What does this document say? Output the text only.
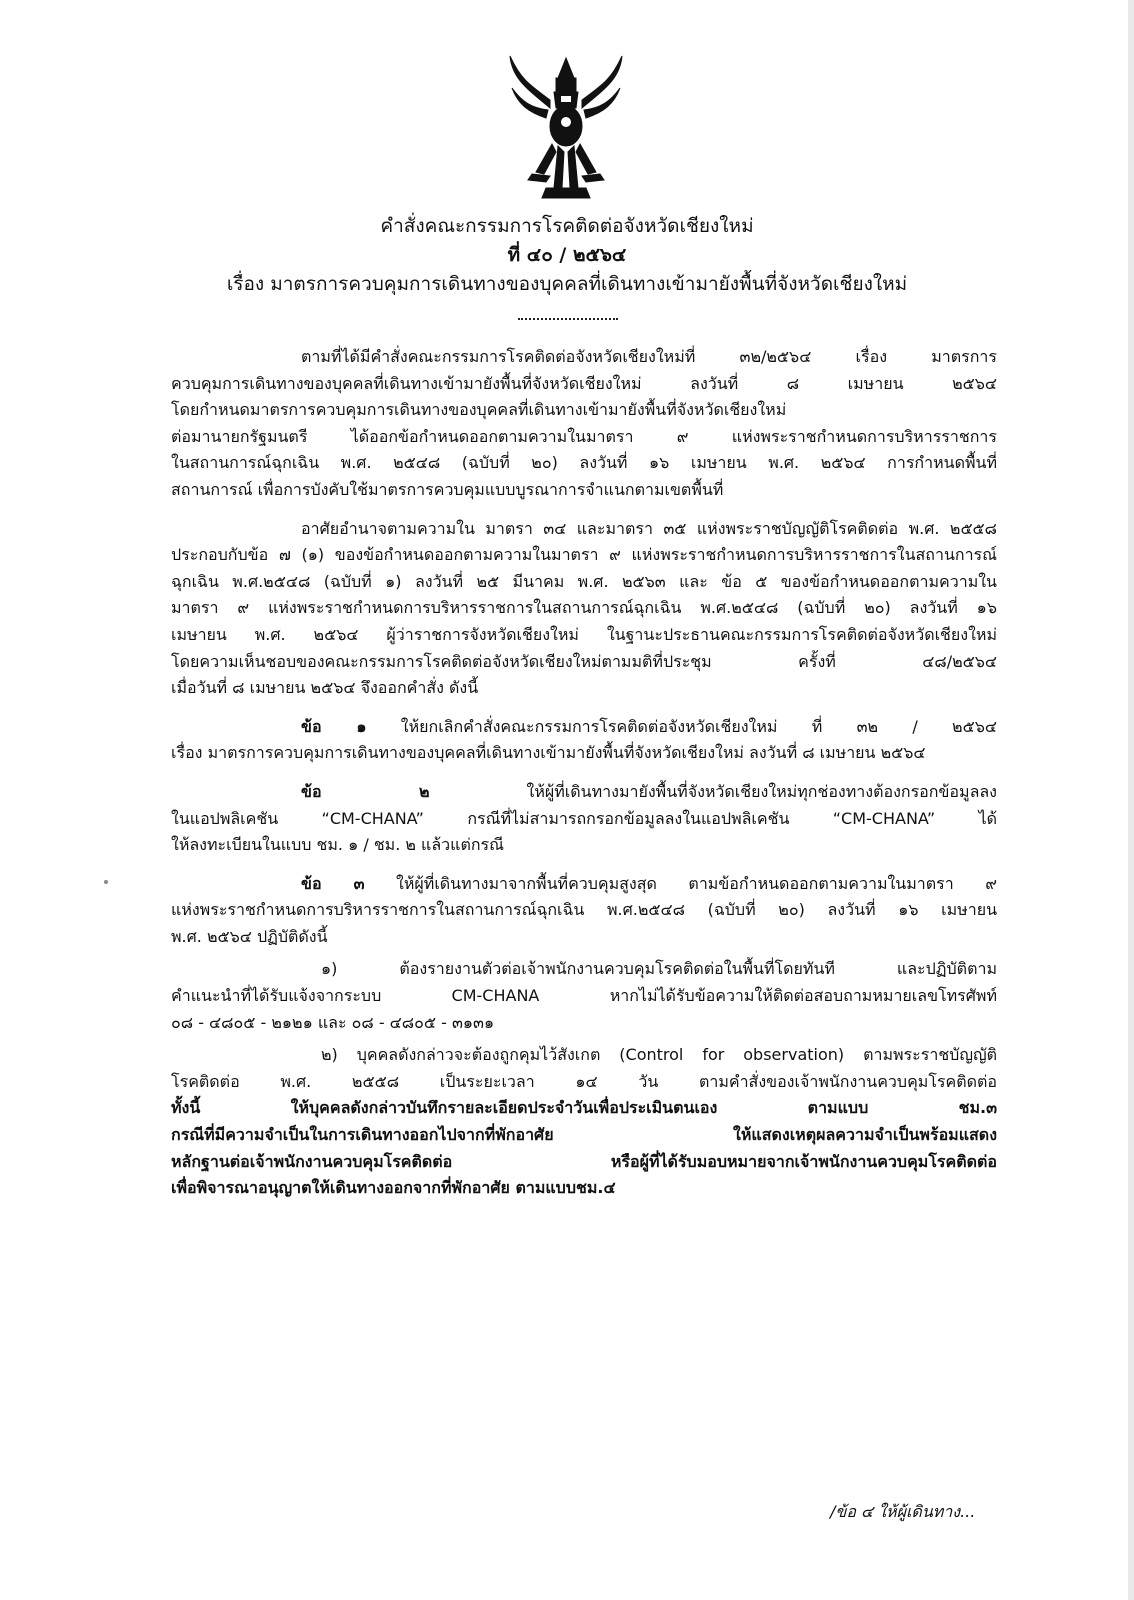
คำสั่งคณะกรรมการโรคติดต่อจังหวัดเชียงใหม่
ที่ ๔๐ / ๒๕๖๔
เรื่อง มาตรการควบคุมการเดินทางของบุคคลที่เดินทางเข้ามายังพื้นที่จังหวัดเชียงใหม่
ตามที่ได้มีคำสั่งคณะกรรมการโรคติดต่อจังหวัดเชียงใหม่ที่ ๓๒/๒๕๖๔ เรื่อง มาตรการ
ควบคุมการเดินทางของบุคคลที่เดินทางเข้ามายังพื้นที่จังหวัดเชียงใหม่ ลงวันที่ ๘ เมษายน ๒๕๖๔
โดยกำหนดมาตรการควบคุมการเดินทางของบุคคลที่เดินทางเข้ามายังพื้นที่จังหวัดเชียงใหม่
ต่อมานายกรัฐมนตรี ได้ออกข้อกำหนดออกตามความในมาตรา ๙ แห่งพระราชกำหนดการบริหารราชการ
ในสถานการณ์ฉุกเฉิน พ.ศ. ๒๕๔๘ (ฉบับที่ ๒๐) ลงวันที่ ๑๖ เมษายน พ.ศ. ๒๕๖๔ การกำหนดพื้นที่
สถานการณ์ เพื่อการบังคับใช้มาตรการควบคุมแบบบูรณาการจำแนกตามเขตพื้นที่
อาศัยอำนาจตามความใน มาตรา ๓๔ และมาตรา ๓๕ แห่งพระราชบัญญัติโรคติดต่อ พ.ศ. ๒๕๕๘
ประกอบกับข้อ ๗ (๑) ของข้อกำหนดออกตามความในมาตรา ๙ แห่งพระราชกำหนดการบริหารราชการในสถานการณ์
ฉุกเฉิน พ.ศ.๒๕๔๘ (ฉบับที่ ๑) ลงวันที่ ๒๕ มีนาคม พ.ศ. ๒๕๖๓ และ ข้อ ๕ ของข้อกำหนดออกตามความใน
มาตรา ๙ แห่งพระราชกำหนดการบริหารราชการในสถานการณ์ฉุกเฉิน พ.ศ.๒๕๔๘ (ฉบับที่ ๒๐) ลงวันที่ ๑๖
เมษายน พ.ศ. ๒๕๖๔ ผู้ว่าราชการจังหวัดเชียงใหม่ ในฐานะประธานคณะกรรมการโรคติดต่อจังหวัดเชียงใหม่
โดยความเห็นชอบของคณะกรรมการโรคติดต่อจังหวัดเชียงใหม่ตามมติที่ประชุม ครั้งที่ ๔๘/๒๕๖๔
เมื่อวันที่ ๘ เมษายน ๒๕๖๔ จึงออกคำสั่ง ดังนี้
ข้อ ๑ ให้ยกเลิกคำสั่งคณะกรรมการโรคติดต่อจังหวัดเชียงใหม่ ที่ ๓๒ / ๒๕๖๔
เรื่อง มาตรการควบคุมการเดินทางของบุคคลที่เดินทางเข้ามายังพื้นที่จังหวัดเชียงใหม่ ลงวันที่ ๘ เมษายน ๒๕๖๔
ข้อ ๒	ให้ผู้ที่เดินทางมายังพื้นที่จังหวัดเชียงใหม่ทุกช่องทางต้องกรอกข้อมูลลง
ในแอปพลิเคชัน “CM-CHANA” กรณีที่ไม่สามารถกรอกข้อมูลลงในแอปพลิเคชัน “CM-CHANA” ได้
ให้ลงทะเบียนในแบบ ชม. ๑ / ชม. ๒ แล้วแต่กรณี
ข้อ ๓ ให้ผู้ที่เดินทางมาจากพื้นที่ควบคุมสูงสุด ตามข้อกำหนดออกตามความในมาตรา ๙
แห่งพระราชกำหนดการบริหารราชการในสถานการณ์ฉุกเฉิน พ.ศ.๒๕๔๘ (ฉบับที่ ๒๐) ลงวันที่ ๑๖ เมษายน
พ.ศ. ๒๕๖๔ ปฏิบัติดังนี้
๑) ต้องรายงานตัวต่อเจ้าพนักงานควบคุมโรคติดต่อในพื้นที่โดยทันที และปฏิบัติตาม
คำแนะนำที่ได้รับแจ้งจากระบบ CM-CHANA หากไม่ได้รับข้อความให้ติดต่อสอบถามหมายเลขโทรศัพท์
๐๘ - ๔๘๐๕ - ๒๑๒๑ และ ๐๘ - ๔๘๐๕ - ๓๑๓๑
๒) บุคคลดังกล่าวจะต้องถูกคุมไว้สังเกต (Control for observation) ตามพระราชบัญญัติ
โรคติดต่อ พ.ศ. ๒๕๕๘ เป็นระยะเวลา ๑๔ วัน ตามคำสั่งของเจ้าพนักงานควบคุมโรคติดต่อ
ทั้งนี้ ให้บุคคลดังกล่าวบันทึกรายละเอียดประจำวันเพื่อประเมินตนเอง ตามแบบ ชม.๓
กรณีที่มีความจำเป็นในการเดินทางออกไปจากที่พักอาศัย ให้แสดงเหตุผลความจำเป็นพร้อมแสดง
หลักฐานต่อเจ้าพนักงานควบคุมโรคติดต่อ หรือผู้ที่ได้รับมอบหมายจากเจ้าพนักงานควบคุมโรคติดต่อ
เพื่อพิจารณาอนุญาตให้เดินทางออกจากที่พักอาศัย ตามแบบชม.๔
/ข้อ ๔ ให้ผู้เดินทาง...
